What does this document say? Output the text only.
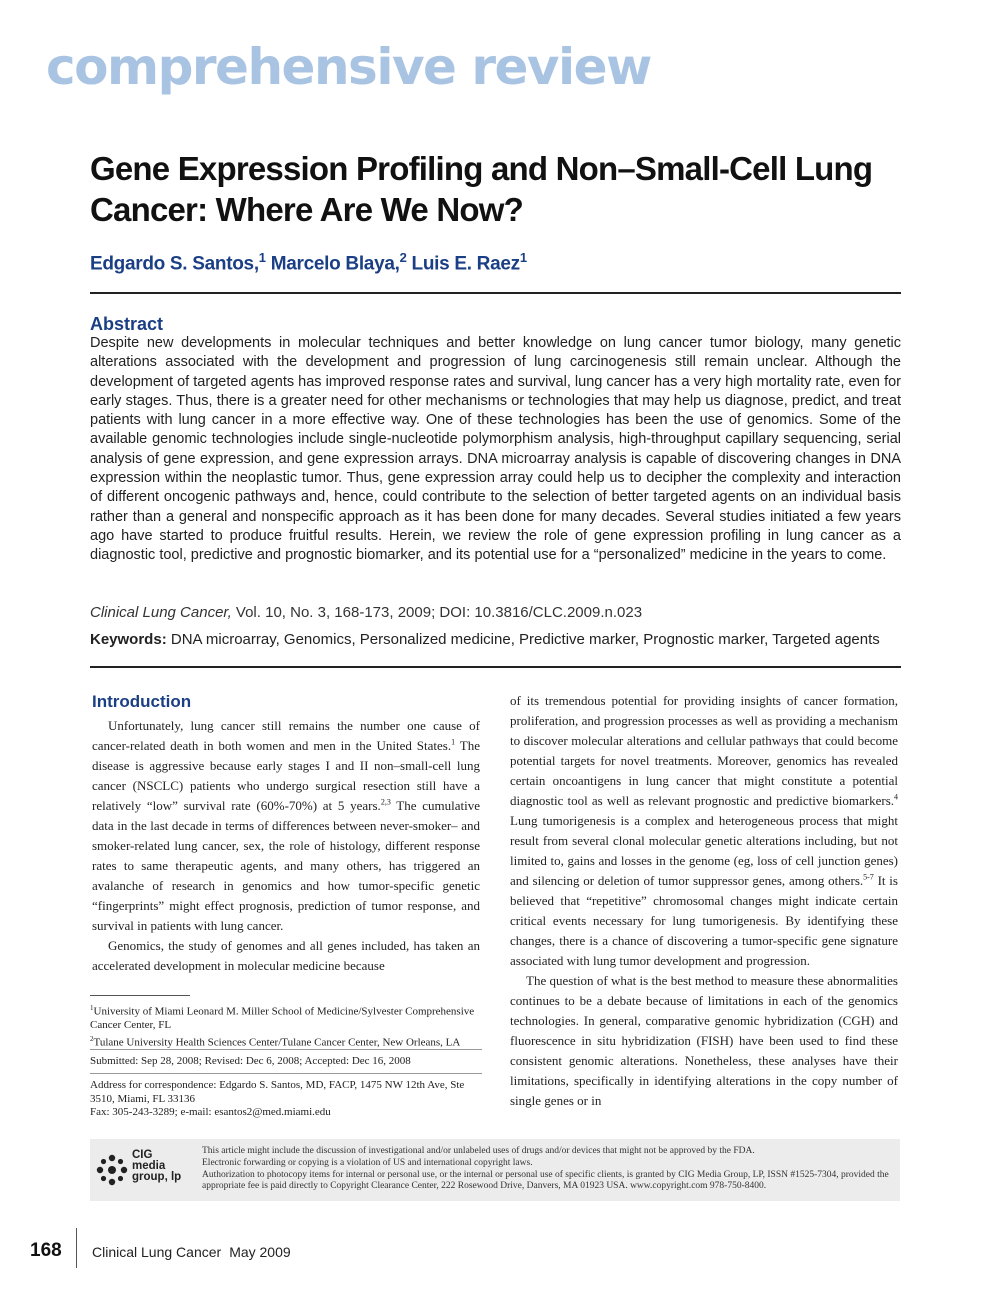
comprehensive review
Gene Expression Profiling and Non–Small-Cell Lung Cancer: Where Are We Now?
Edgardo S. Santos,$^1$ Marcelo Blaya,$^2$ Luis E. Raez$^1$
Abstract

Despite new developments in molecular techniques and better knowledge on lung cancer tumor biology, many genetic alterations associated with the development and progression of lung carcinogenesis still remain unclear. Although the development of targeted agents has improved response rates and survival, lung cancer has a very high mortality rate, even for early stages. Thus, there is a greater need for other mechanisms or technologies that may help us diagnose, predict, and treat patients with lung cancer in a more effective way. One of these technologies has been the use of genomics. Some of the available genomic technologies include single-nucleotide polymorphism analysis, high-throughput capillary sequencing, serial analysis of gene expression, and gene expression arrays. DNA microarray analysis is capable of discovering changes in DNA expression within the neoplastic tumor. Thus, gene expression array could help us to decipher the complexity and interaction of different oncogenic pathways and, hence, could contribute to the selection of better targeted agents on an individual basis rather than a general and nonspecific approach as it has been done for many decades. Several studies initiated a few years ago have started to produce fruitful results. Herein, we review the role of gene expression profiling in lung cancer as a diagnostic tool, predictive and prognostic biomarker, and its potential use for a “personalized” medicine in the years to come.

Clinical Lung Cancer, Vol. 10, No. 3, 168-173, 2009; DOI: 10.3816/CLC.2009.n.023
Keywords: DNA microarray, Genomics, Personalized medicine, Predictive marker, Prognostic marker, Targeted agents
Introduction

Unfortunately, lung cancer still remains the number one cause of cancer-related death in both women and men in the United States.$^1$ The disease is aggressive because early stages I and II non–small-cell lung cancer (NSCLC) patients who undergo surgical resection still have a relatively “low” survival rate (60%-70%) at 5 years.$^{2,3}$ The cumulative data in the last decade in terms of differences between never-smoker– and smoker-related lung cancer, sex, the role of histology, different response rates to same therapeutic agents, and many others, has triggered an avalanche of research in genomics and how tumor-specific genetic “fingerprints” might effect prognosis, prediction of tumor response, and survival in patients with lung cancer.

Genomics, the study of genomes and all genes included, has taken an accelerated development in molecular medicine because

of its tremendous potential for providing insights of cancer formation, proliferation, and progression processes as well as providing a mechanism to discover molecular alterations and cellular pathways that could become potential targets for novel treatments. Moreover, genomics has revealed certain oncoantigens in lung cancer that might constitute a potential diagnostic tool as well as relevant prognostic and predictive biomarkers.$^4$ Lung tumorigenesis is a complex and heterogeneous process that might result from several clonal molecular genetic alterations including, but not limited to, gains and losses in the genome (eg, loss of cell junction genes) and silencing or deletion of tumor suppressor genes, among others.$^{5-7}$ It is believed that “repetitive” chromosomal changes might indicate certain critical events necessary for lung tumorigenesis. By identifying these changes, there is a chance of discovering a tumor-specific gene signature associated with lung tumor development and progression.

The question of what is the best method to measure these abnormalities continues to be a debate because of limitations in each of the genomics technologies. In general, comparative genomic hybridization (CGH) and fluorescence in situ hybridization (FISH) have been used to find these consistent genomic alterations. Nonetheless, these analyses have their limitations, specifically in identifying alterations in the copy number of single genes or in

$^1$University of Miami Leonard M. Miller School of Medicine/Sylvester Comprehensive Cancer Center, FL
$^2$Tulane University Health Sciences Center/Tulane Cancer Center, New Orleans, LA

Submitted: Sep 28, 2008; Revised: Dec 6, 2008; Accepted: Dec 16, 2008

Address for correspondence: Edgardo S. Santos, MD, FACP, 1475 NW 12th Ave, Ste 3510, Miami, FL 33136
Fax: 305-243-3289; e-mail: esantos2@med.miami.edu

CIG
media
group, lp
This article might include the discussion of investigational and/or unlabeled uses of drugs and/or devices that might not be approved by the FDA.
Electronic forwarding or copying is a violation of US and international copyright laws.
Authorization to photocopy items for internal or personal use, or the internal or personal use of specific clients, is granted by CIG Media Group, LP, ISSN #1525-7304, provided the appropriate fee is paid directly to Copyright Clearance Center, 222 Rosewood Drive, Danvers, MA 01923 USA. www.copyright.com 978-750-8400.
168 Clinical Lung Cancer May 2009
